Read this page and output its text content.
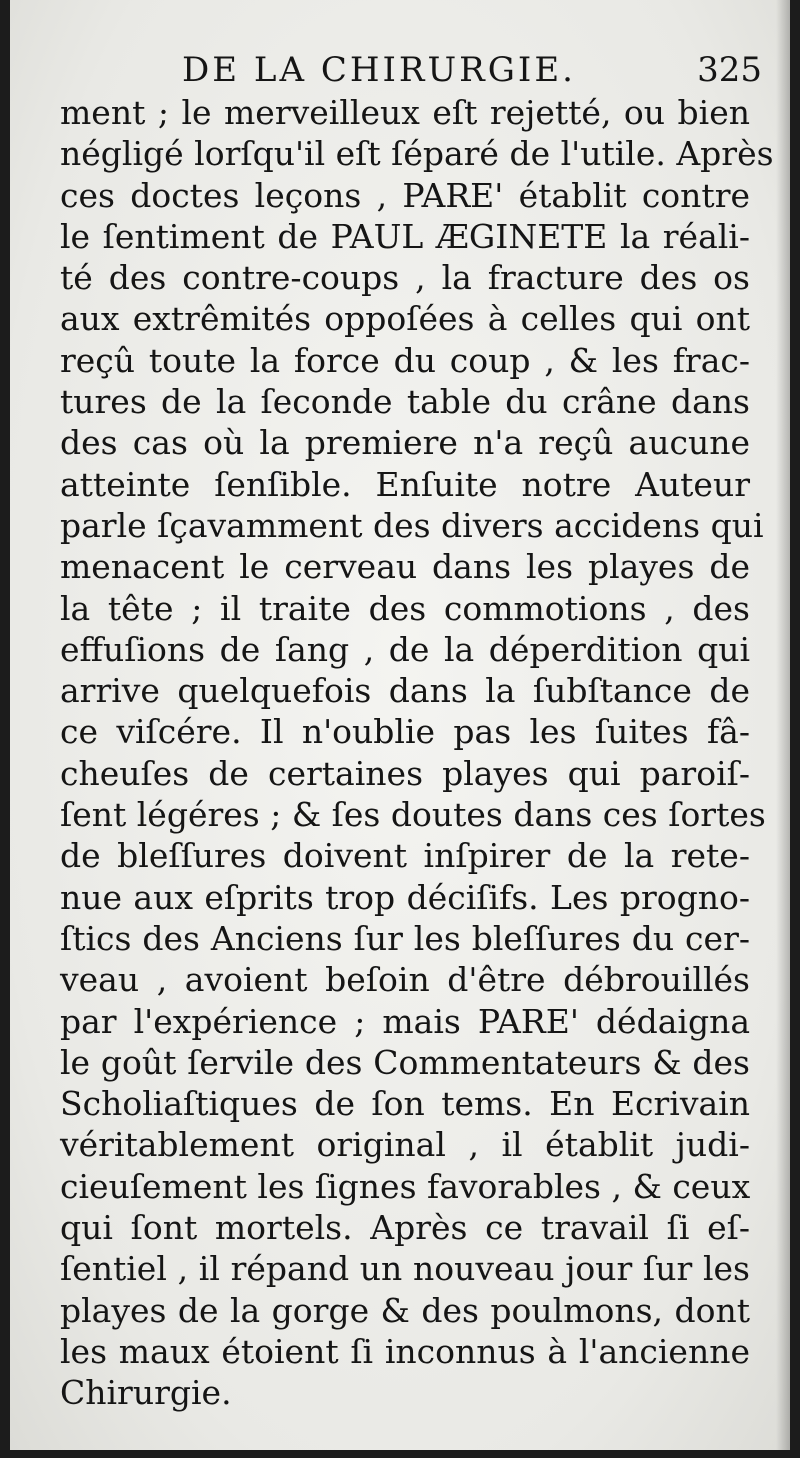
DE LA CHIRURGIE.	325
ment ; le merveilleux eſt rejetté, ou bien
négligé lorſqu'il eſt ſéparé de l'utile. Après
ces doctes leçons , PARE' établit contre
le ſentiment de PAUL ÆGINETE la réali-
té des contre-coups , la fracture des os
aux extrêmités oppoſées à celles qui ont
reçû toute la force du coup , & les frac-
tures de la ſeconde table du crâne dans
des cas où la premiere n'a reçû aucune
atteinte ſenſible. Enſuite notre Auteur
parle ſçavamment des divers accidens qui
menacent le cerveau dans les playes de
la tête ; il traite des commotions , des
effuſions de ſang , de la déperdition qui
arrive quelquefois dans la ſubſtance de
ce viſcére. Il n'oublie pas les ſuites fâ-
cheuſes de certaines playes qui paroiſ-
ſent légéres ; & ſes doutes dans ces ſortes
de bleſſures doivent inſpirer de la rete-
nue aux eſprits trop déciſifs. Les progno-
ſtics des Anciens ſur les bleſſures du cer-
veau , avoient beſoin d'être débrouillés
par l'expérience ; mais PARE' dédaigna
le goût ſervile des Commentateurs & des
Scholiaſtiques de ſon tems. En Ecrivain
véritablement original , il établit judi-
cieuſement les ſignes favorables , & ceux
qui ſont mortels. Après ce travail ſi eſ-
ſentiel , il répand un nouveau jour ſur les
playes de la gorge & des poulmons, dont
les maux étoient ſi inconnus à l'ancienne
Chirurgie.
